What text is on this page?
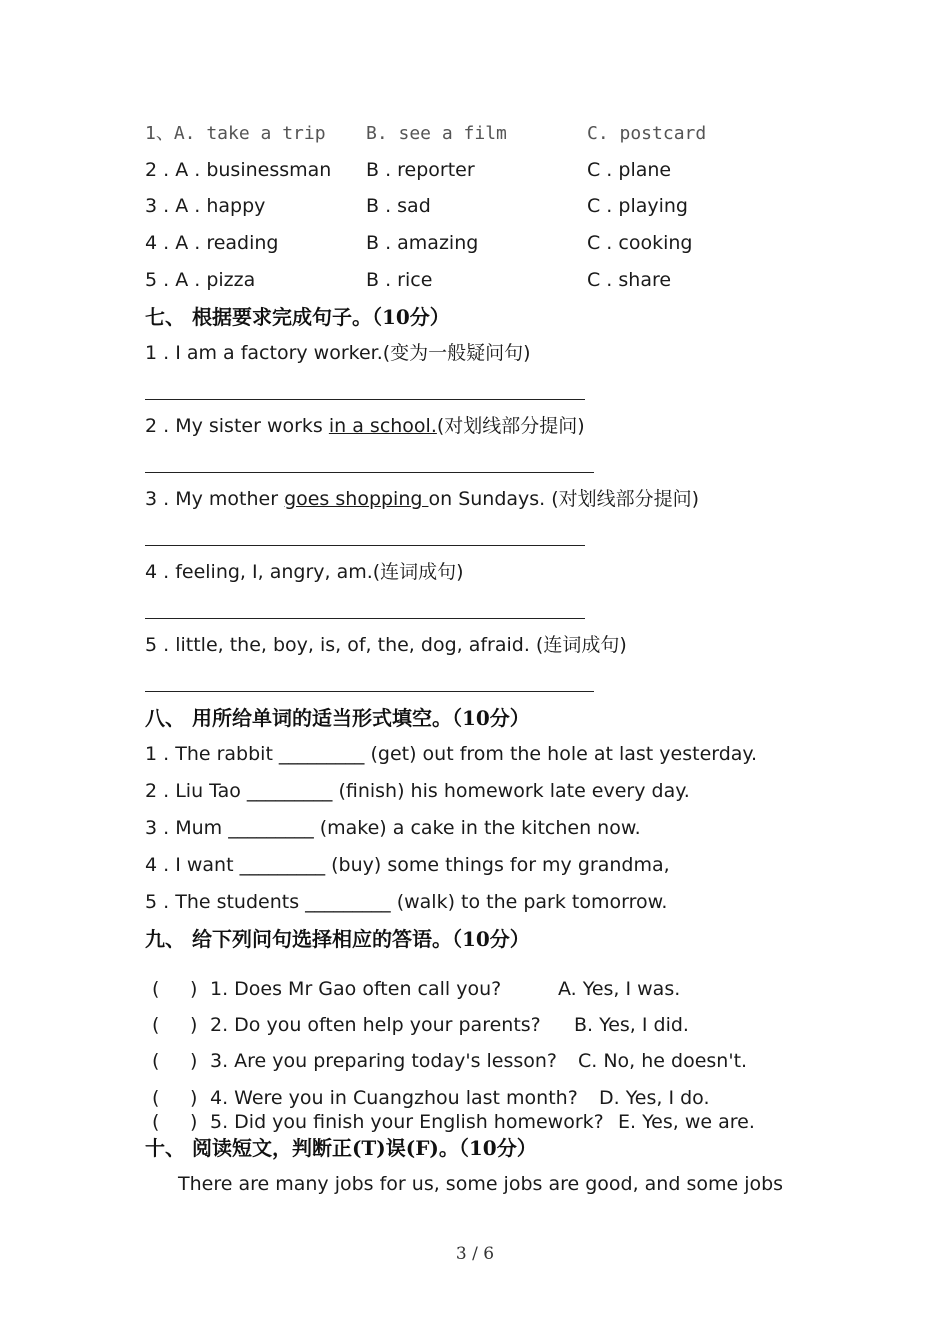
1、A. take a trip B. see a film	C. postcard
2 . A . businessman B . reporter	C . plane
3 . A . happy	B . sad	C . playing
4 . A . reading	B . amazing	C . cooking
5 . A . pizza	B . rice	C . share
七、 根据要求完成句子。（10分）
1 . I am a factory worker.(变为一般疑问句)
2 . My sister works in a school.(对划线部分提问)
3 . My mother goes shopping on Sundays. (对划线部分提问)
4 . feeling, I, angry, am.(连词成句)
5 . little, the, boy, is, of, the, dog, afraid. (连词成句)
八、 用所给单词的适当形式填空。（10分）
1 . The rabbit _________ (get) out from the hole at last yesterday.
2 . Liu Tao _________ (finish) his homework late every day.
3 . Mum _________ (make) a cake in the kitchen now.
4 . I want _________ (buy) some things for my grandma,
5 . The students _________ (walk) to the park tomorrow.
九、 给下列问句选择相应的答语。（10分）
( ) 1. Does Mr Gao often call you?	A. Yes, I was.
( ) 2. Do you often help your parents? B. Yes, I did.
( ) 3. Are you preparing today's lesson? C. No, he doesn't.
( ) 4. Were you in Cuangzhou last month? D. Yes, I do.
( ) 5. Did you finish your English homework? E. Yes, we are.
十、 阅读短文，判断正(T)误(F)。（10分）
There are many jobs for us, some jobs are good, and some jobs
3 / 6
